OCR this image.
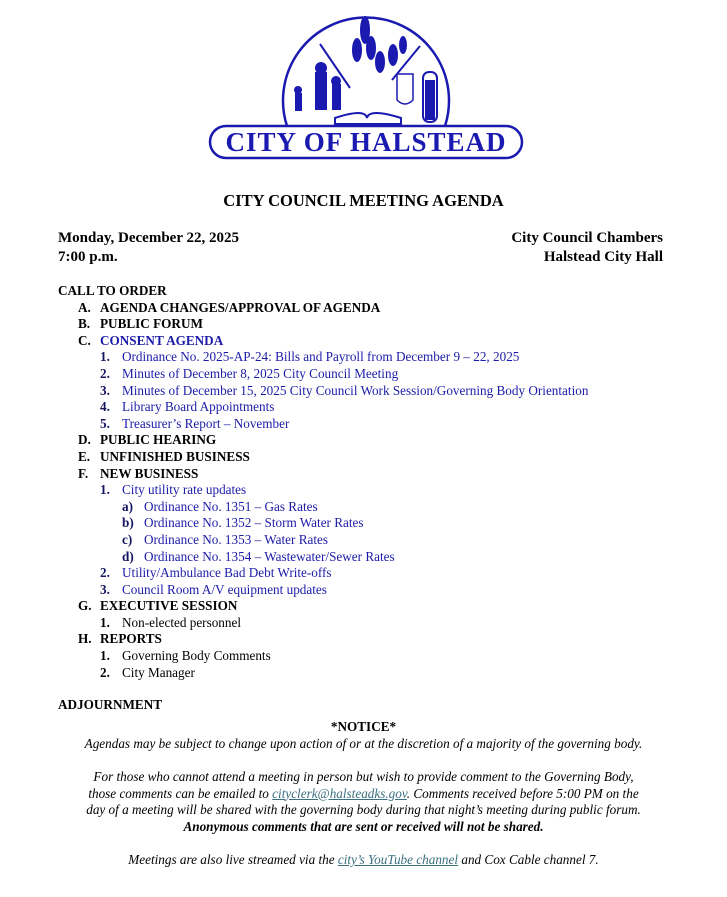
CITY OF HALSTEAD
CITY COUNCIL MEETING AGENDA
Monday, December 22, 2025
7:00 p.m.
City Council Chambers
Halstead City Hall
CALL TO ORDER
A. AGENDA CHANGES/APPROVAL OF AGENDA
B. PUBLIC FORUM
C. CONSENT AGENDA
1. Ordinance No. 2025-AP-24: Bills and Payroll from December 9 – 22, 2025
2. Minutes of December 8, 2025 City Council Meeting
3. Minutes of December 15, 2025 City Council Work Session/Governing Body Orientation
4. Library Board Appointments
5. Treasurer’s Report – November
D. PUBLIC HEARING
E. UNFINISHED BUSINESS
F. NEW BUSINESS
1. City utility rate updates
a) Ordinance No. 1351 – Gas Rates
b) Ordinance No. 1352 – Storm Water Rates
c) Ordinance No. 1353 – Water Rates
d) Ordinance No. 1354 – Wastewater/Sewer Rates
2. Utility/Ambulance Bad Debt Write-offs
3. Council Room A/V equipment updates
G. EXECUTIVE SESSION
1. Non-elected personnel
H. REPORTS
1. Governing Body Comments
2. City Manager
ADJOURNMENT
*NOTICE*
Agendas may be subject to change upon action of or at the discretion of a majority of the governing body.
For those who cannot attend a meeting in person but wish to provide comment to the Governing Body,
those comments can be emailed to cityclerk@halsteadks.gov. Comments received before 5:00 PM on the
day of a meeting will be shared with the governing body during that night’s meeting during public forum.
Anonymous comments that are sent or received will not be shared.
Meetings are also live streamed via the city’s YouTube channel and Cox Cable channel 7.
